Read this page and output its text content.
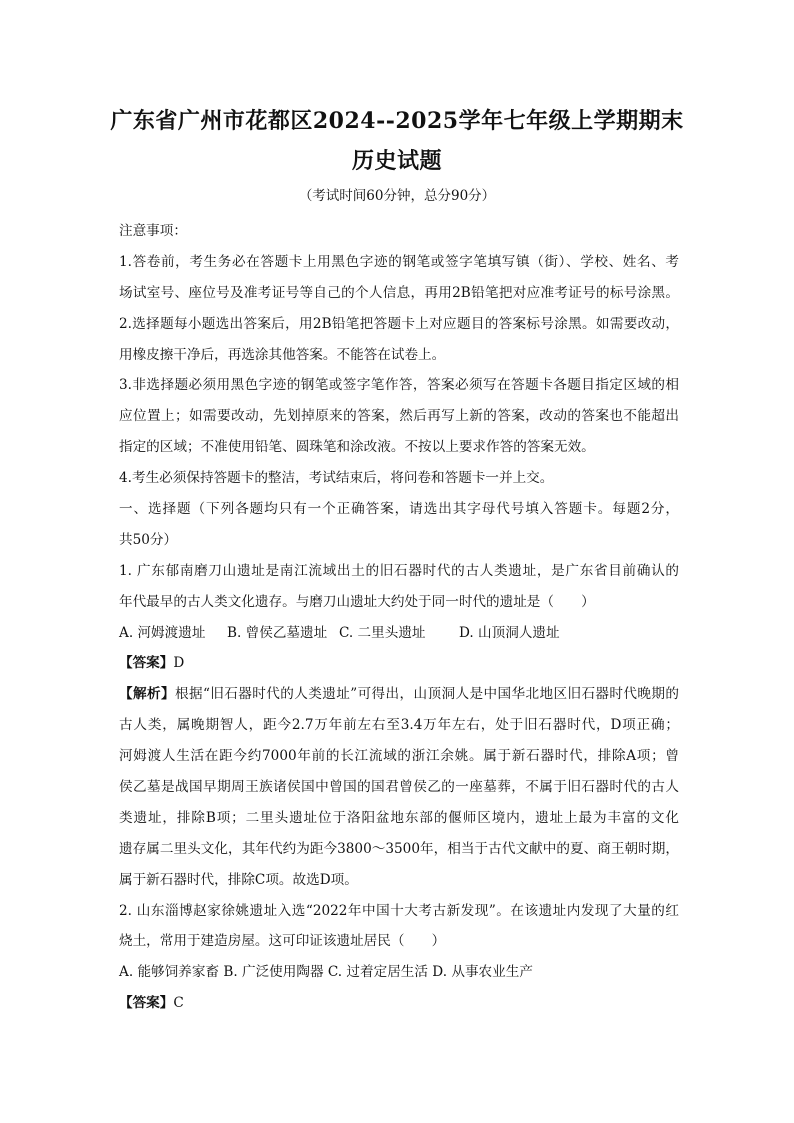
广东省广州市花都区2024--2025学年七年级上学期期末
历史试题
（考试时间60分钟，总分90分）
注意事项：
1.答卷前，考生务必在答题卡上用黑色字迹的钢笔或签字笔填写镇（街）、学校、姓名、考
场试室号、座位号及准考证号等自己的个人信息，再用2B铅笔把对应准考证号的标号涂黑。
2.选择题每小题选出答案后，用2B铅笔把答题卡上对应题目的答案标号涂黑。如需要改动，
用橡皮擦干净后，再选涂其他答案。不能答在试卷上。
3.非选择题必须用黑色字迹的钢笔或签字笔作答，答案必须写在答题卡各题目指定区域的相
应位置上；如需要改动，先划掉原来的答案，然后再写上新的答案，改动的答案也不能超出
指定的区域；不准使用铅笔、圆珠笔和涂改液。不按以上要求作答的答案无效。
4.考生必须保持答题卡的整洁，考试结束后，将问卷和答题卡一并上交。
一、选择题（下列各题均只有一个正确答案，请选出其字母代号填入答题卡。每题2分，
共50分）
1. 广东郁南磨刀山遗址是南江流域出土的旧石器时代的古人类遗址，是广东省目前确认的
年代最早的古人类文化遗存。与磨刀山遗址大约处于同一时代的遗址是（　　）
A. 河姆渡遗址 B. 曾侯乙墓遗址 C. 二里头遗址 D. 山顶洞人遗址
【答案】D
【解析】根据“旧石器时代的人类遗址”可得出，山顶洞人是中国华北地区旧石器时代晚期的
古人类，属晚期智人，距今2.7万年前左右至3.4万年左右，处于旧石器时代，D项正确；
河姆渡人生活在距今约7000年前的长江流域的浙江余姚。属于新石器时代，排除A项；曾
侯乙墓是战国早期周王族诸侯国中曾国的国君曾侯乙的一座墓葬，不属于旧石器时代的古人
类遗址，排除B项；二里头遗址位于洛阳盆地东部的偃师区境内，遗址上最为丰富的文化
遗存属二里头文化，其年代约为距今3800～3500年，相当于古代文献中的夏、商王朝时期，
属于新石器时代，排除C项。故选D项。
2. 山东淄博赵家徐姚遗址入选“2022年中国十大考古新发现”。在该遗址内发现了大量的红
烧土，常用于建造房屋。这可印证该遗址居民（　　）
A. 能够饲养家畜 B. 广泛使用陶器 C. 过着定居生活 D. 从事农业生产
【答案】C
